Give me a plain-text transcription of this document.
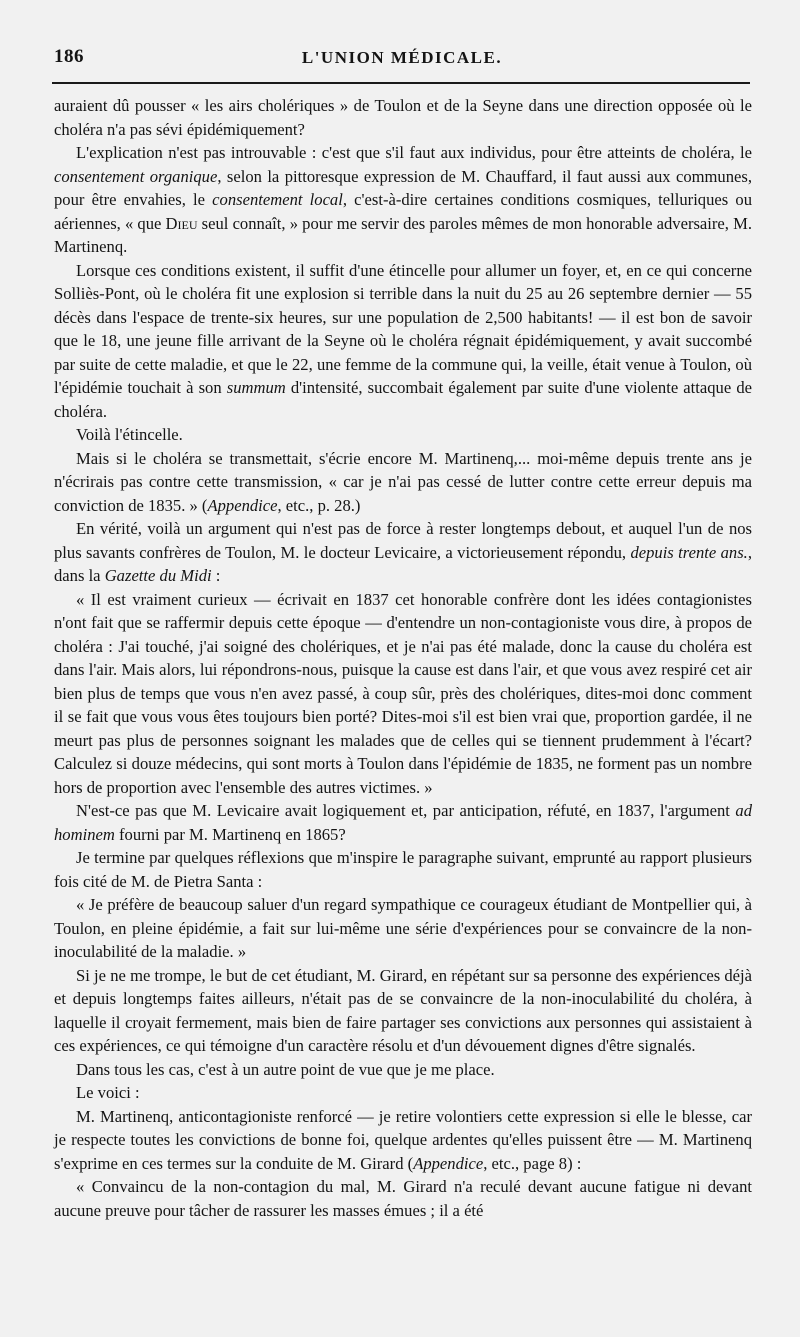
186	L'UNION MÉDICALE.

auraient dû pousser « les airs cholériques » de Toulon et de la Seyne dans une direction opposée où le choléra n'a pas sévi épidémiquement?

L'explication n'est pas introuvable : c'est que s'il faut aux individus, pour être atteints de choléra, le consentement organique, selon la pittoresque expression de M. Chauffard, il faut aussi aux communes, pour être envahies, le consentement local, c'est-à-dire certaines conditions cosmiques, telluriques ou aériennes, « que Dieu seul connaît, » pour me servir des paroles mêmes de mon honorable adversaire, M. Martinenq.

Lorsque ces conditions existent, il suffit d'une étincelle pour allumer un foyer, et, en ce qui concerne Solliès-Pont, où le choléra fit une explosion si terrible dans la nuit du 25 au 26 septembre dernier — 55 décès dans l'espace de trente-six heures, sur une population de 2,500 habitants! — il est bon de savoir que le 18, une jeune fille arrivant de la Seyne où le choléra régnait épidémiquement, y avait succombé par suite de cette maladie, et que le 22, une femme de la commune qui, la veille, était venue à Toulon, où l'épidémie touchait à son summum d'intensité, succombait également par suite d'une violente attaque de choléra.

Voilà l'étincelle.

Mais si le choléra se transmettait, s'écrie encore M. Martinenq,... moi-même depuis trente ans je n'écrirais pas contre cette transmission, « car je n'ai pas cessé de lutter contre cette erreur depuis ma conviction de 1835. » (Appendice, etc., p. 28.)

En vérité, voilà un argument qui n'est pas de force à rester longtemps debout, et auquel l'un de nos plus savants confrères de Toulon, M. le docteur Levicaire, a victorieusement répondu, depuis trente ans., dans la Gazette du Midi :

« Il est vraiment curieux — écrivait en 1837 cet honorable confrère dont les idées contagionistes n'ont fait que se raffermir depuis cette époque — d'entendre un non-contagioniste vous dire, à propos de choléra : J'ai touché, j'ai soigné des cholériques, et je n'ai pas été malade, donc la cause du choléra est dans l'air. Mais alors, lui répondrons-nous, puisque la cause est dans l'air, et que vous avez respiré cet air bien plus de temps que vous n'en avez passé, à coup sûr, près des cholériques, dites-moi donc comment il se fait que vous vous êtes toujours bien porté? Dites-moi s'il est bien vrai que, proportion gardée, il ne meurt pas plus de personnes soignant les malades que de celles qui se tiennent prudemment à l'écart? Calculez si douze médecins, qui sont morts à Toulon dans l'épidémie de 1835, ne forment pas un nombre hors de proportion avec l'ensemble des autres victimes. »

N'est-ce pas que M. Levicaire avait logiquement et, par anticipation, réfuté, en 1837, l'argument ad hominem fourni par M. Martinenq en 1865?

Je termine par quelques réflexions que m'inspire le paragraphe suivant, emprunté au rapport plusieurs fois cité de M. de Pietra Santa :

« Je préfère de beaucoup saluer d'un regard sympathique ce courageux étudiant de Montpellier qui, à Toulon, en pleine épidémie, a fait sur lui-même une série d'expériences pour se convaincre de la non-inoculabilité de la maladie. »

Si je ne me trompe, le but de cet étudiant, M. Girard, en répétant sur sa personne des expériences déjà et depuis longtemps faites ailleurs, n'était pas de se convaincre de la non-inoculabilité du choléra, à laquelle il croyait fermement, mais bien de faire partager ses convictions aux personnes qui assistaient à ces expériences, ce qui témoigne d'un caractère résolu et d'un dévouement dignes d'être signalés.

Dans tous les cas, c'est à un autre point de vue que je me place.

Le voici :

M. Martinenq, anticontagioniste renforcé — je retire volontiers cette expression si elle le blesse, car je respecte toutes les convictions de bonne foi, quelque ardentes qu'elles puissent être — M. Martinenq s'exprime en ces termes sur la conduite de M. Girard (Appendice, etc., page 8) :

« Convaincu de la non-contagion du mal, M. Girard n'a reculé devant aucune fatigue ni devant aucune preuve pour tâcher de rassurer les masses émues ; il a été
